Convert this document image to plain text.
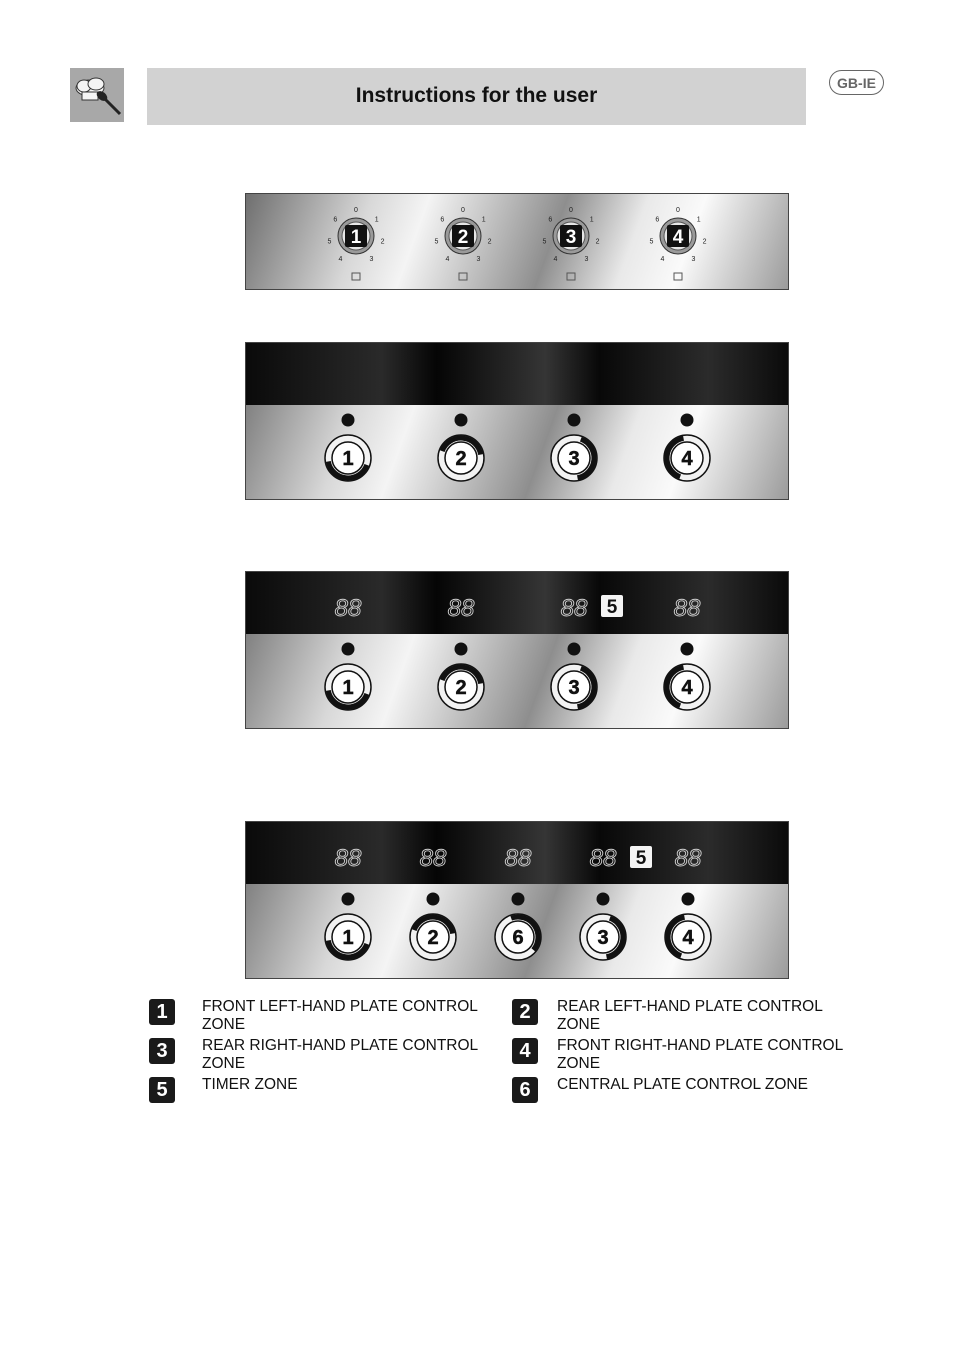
Instructions for the user
GB-IE
0
1
2
3
4
5
6
1
0
1
2
3
4
5
6
2
0
1
2
3
4
5
6
3
0
1
2
3
4
5
6
4
1	2	3	4
88	88	88	88
5
1	2	3	4
88 88 88 88 88
5
1	2	6	3	4
1	FRONT LEFT-HAND PLATE CONTROL ZONE
2	REAR LEFT-HAND PLATE CONTROL ZONE
3	REAR RIGHT-HAND PLATE CONTROL ZONE
4	FRONT RIGHT-HAND PLATE CONTROL ZONE
5	TIMER ZONE	6	CENTRAL PLATE CONTROL ZONE
